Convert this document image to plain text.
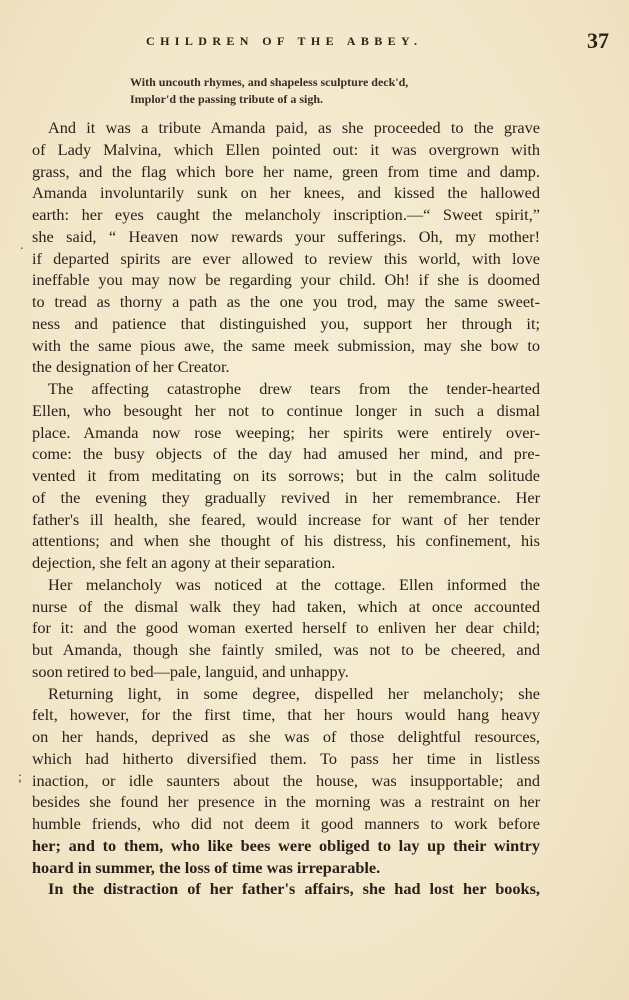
CHILDREN OF THE ABBEY.	37
With uncouth rhymes, and shapeless sculpture deck'd,
Implor'd the passing tribute of a sigh.
And it was a tribute Amanda paid, as she proceeded to the grave
of Lady Malvina, which Ellen pointed out: it was overgrown with
grass, and the flag which bore her name, green from time and damp.
Amanda involuntarily sunk on her knees, and kissed the hallowed
earth: her eyes caught the melancholy inscription.—“ Sweet spirit,”
she said, “ Heaven now rewards your sufferings. Oh, my mother!
if departed spirits are ever allowed to review this world, with love
ineffable you may now be regarding your child. Oh! if she is doomed
to tread as thorny a path as the one you trod, may the same sweet-
ness and patience that distinguished you, support her through it;
with the same pious awe, the same meek submission, may she bow to
the designation of her Creator.
The affecting catastrophe drew tears from the tender-hearted
Ellen, who besought her not to continue longer in such a dismal
place. Amanda now rose weeping; her spirits were entirely over-
come: the busy objects of the day had amused her mind, and pre-
vented it from meditating on its sorrows; but in the calm solitude
of the evening they gradually revived in her remembrance. Her
father's ill health, she feared, would increase for want of her tender
attentions; and when she thought of his distress, his confinement, his
dejection, she felt an agony at their separation.
Her melancholy was noticed at the cottage. Ellen informed the
nurse of the dismal walk they had taken, which at once accounted
for it: and the good woman exerted herself to enliven her dear child;
but Amanda, though she faintly smiled, was not to be cheered, and
soon retired to bed—pale, languid, and unhappy.
Returning light, in some degree, dispelled her melancholy; she
felt, however, for the first time, that her hours would hang heavy
on her hands, deprived as she was of those delightful resources,
which had hitherto diversified them. To pass her time in listless
inaction, or idle saunters about the house, was insupportable; and
besides she found her presence in the morning was a restraint on her
humble friends, who did not deem it good manners to work before
her; and to them, who like bees were obliged to lay up their wintry
hoard in summer, the loss of time was irreparable.
In the distraction of her father's affairs, she had lost her books,
.
;
